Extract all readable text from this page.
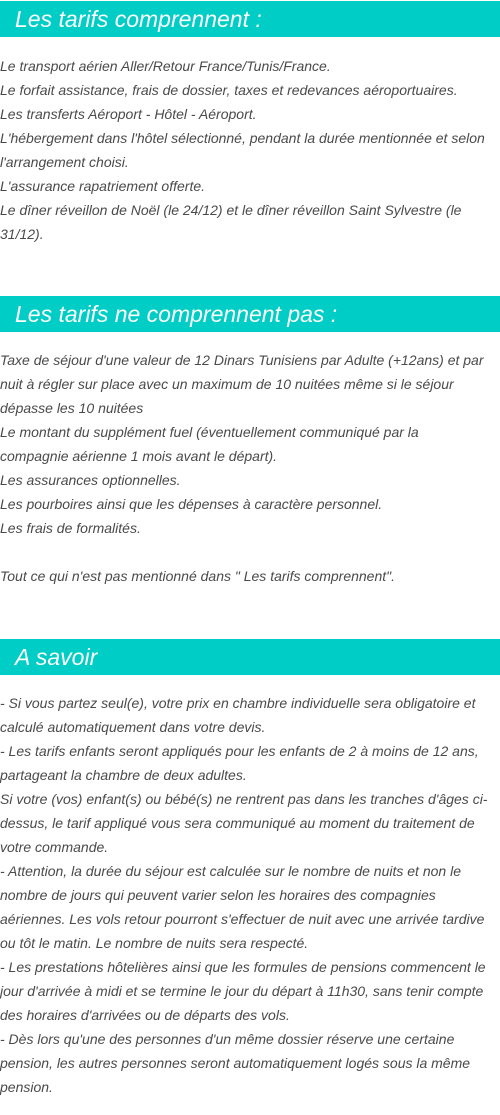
Les tarifs comprennent :
Le transport aérien Aller/Retour France/Tunis/France.
Le forfait assistance, frais de dossier, taxes et redevances aéroportuaires.
Les transferts Aéroport - Hôtel - Aéroport.
L'hébergement dans l'hôtel sélectionné, pendant la durée mentionnée et selon
l'arrangement choisi.
L'assurance rapatriement offerte.
Le dîner réveillon de Noël (le 24/12) et le dîner réveillon Saint Sylvestre (le
31/12).
Les tarifs ne comprennent pas :
Taxe de séjour d'une valeur de 12 Dinars Tunisiens par Adulte (+12ans) et par
nuit à régler sur place avec un maximum de 10 nuitées même si le séjour
dépasse les 10 nuitées
Le montant du supplément fuel (éventuellement communiqué par la
compagnie aérienne 1 mois avant le départ).
Les assurances optionnelles.
Les pourboires ainsi que les dépenses à caractère personnel.
Les frais de formalités.
Tout ce qui n'est pas mentionné dans " Les tarifs comprennent".
A savoir
- Si vous partez seul(e), votre prix en chambre individuelle sera obligatoire et
calculé automatiquement dans votre devis.
- Les tarifs enfants seront appliqués pour les enfants de 2 à moins de 12 ans,
partageant la chambre de deux adultes.
Si votre (vos) enfant(s) ou bébé(s) ne rentrent pas dans les tranches d'âges ci-
dessus, le tarif appliqué vous sera communiqué au moment du traitement de
votre commande.
- Attention, la durée du séjour est calculée sur le nombre de nuits et non le
nombre de jours qui peuvent varier selon les horaires des compagnies
aériennes. Les vols retour pourront s'effectuer de nuit avec une arrivée tardive
ou tôt le matin. Le nombre de nuits sera respecté.
- Les prestations hôtelières ainsi que les formules de pensions commencent le
jour d'arrivée à midi et se termine le jour du départ à 11h30, sans tenir compte
des horaires d'arrivées ou de départs des vols.
- Dès lors qu'une des personnes d'un même dossier réserve une certaine
pension, les autres personnes seront automatiquement logés sous la même
pension.
